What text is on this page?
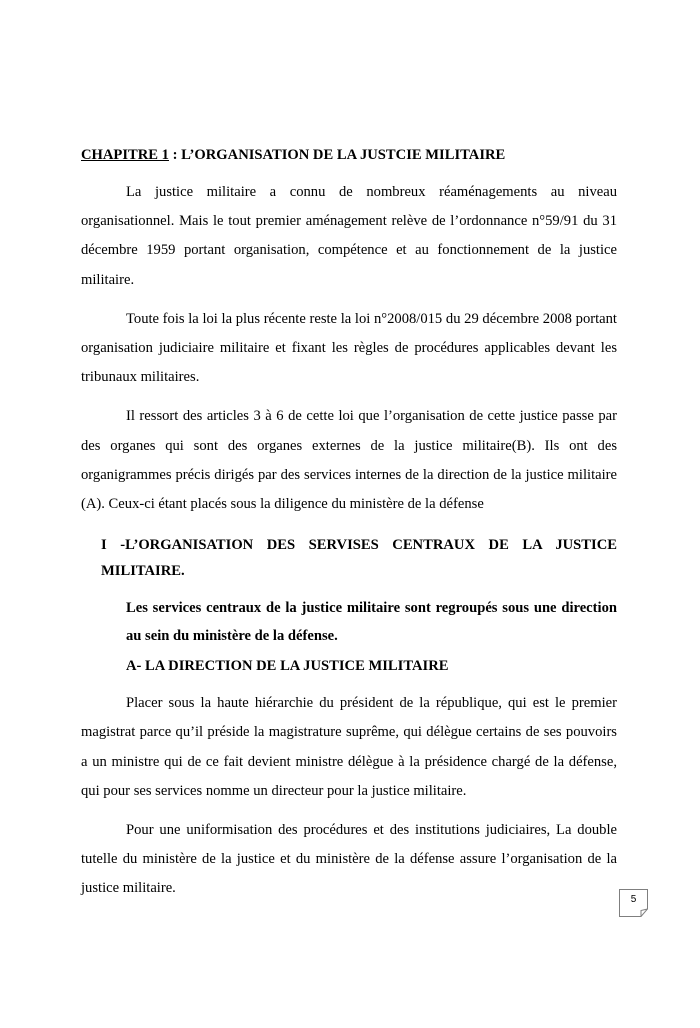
CHAPITRE 1 : L’ORGANISATION DE LA JUSTCIE MILITAIRE

La justice militaire a connu de nombreux réaménagements au niveau organisationnel. Mais le tout premier aménagement relève de l’ordonnance n°59/91 du 31 décembre 1959 portant organisation, compétence et au fonctionnement de la justice militaire.

Toute fois la loi la plus récente reste la loi n°2008/015 du 29 décembre 2008 portant organisation judiciaire militaire et fixant les règles de procédures applicables devant les tribunaux militaires.

Il ressort des articles 3 à 6 de cette loi que l’organisation de cette justice passe par des organes qui sont des organes externes de la justice militaire(B). Ils ont des organigrammes précis dirigés par des services internes de la direction de la justice militaire (A). Ceux-ci étant placés sous la diligence du ministère de la défense

I -L’ORGANISATION DES SERVISES CENTRAUX DE LA JUSTICE MILITAIRE.

Les services centraux de la justice militaire sont regroupés sous une direction au sein du ministère de la défense.

A- LA DIRECTION DE LA JUSTICE MILITAIRE

Placer sous la haute hiérarchie du président de la république, qui est le premier magistrat parce qu’il préside la magistrature suprême, qui délègue certains de ses pouvoirs a un ministre qui de ce fait devient ministre délègue à la présidence chargé de la défense, qui pour ses services nomme un directeur pour la justice militaire.

Pour une uniformisation des procédures et des institutions judiciaires, La double tutelle du ministère de la justice et du ministère de la défense assure l’organisation de la justice militaire.

5
